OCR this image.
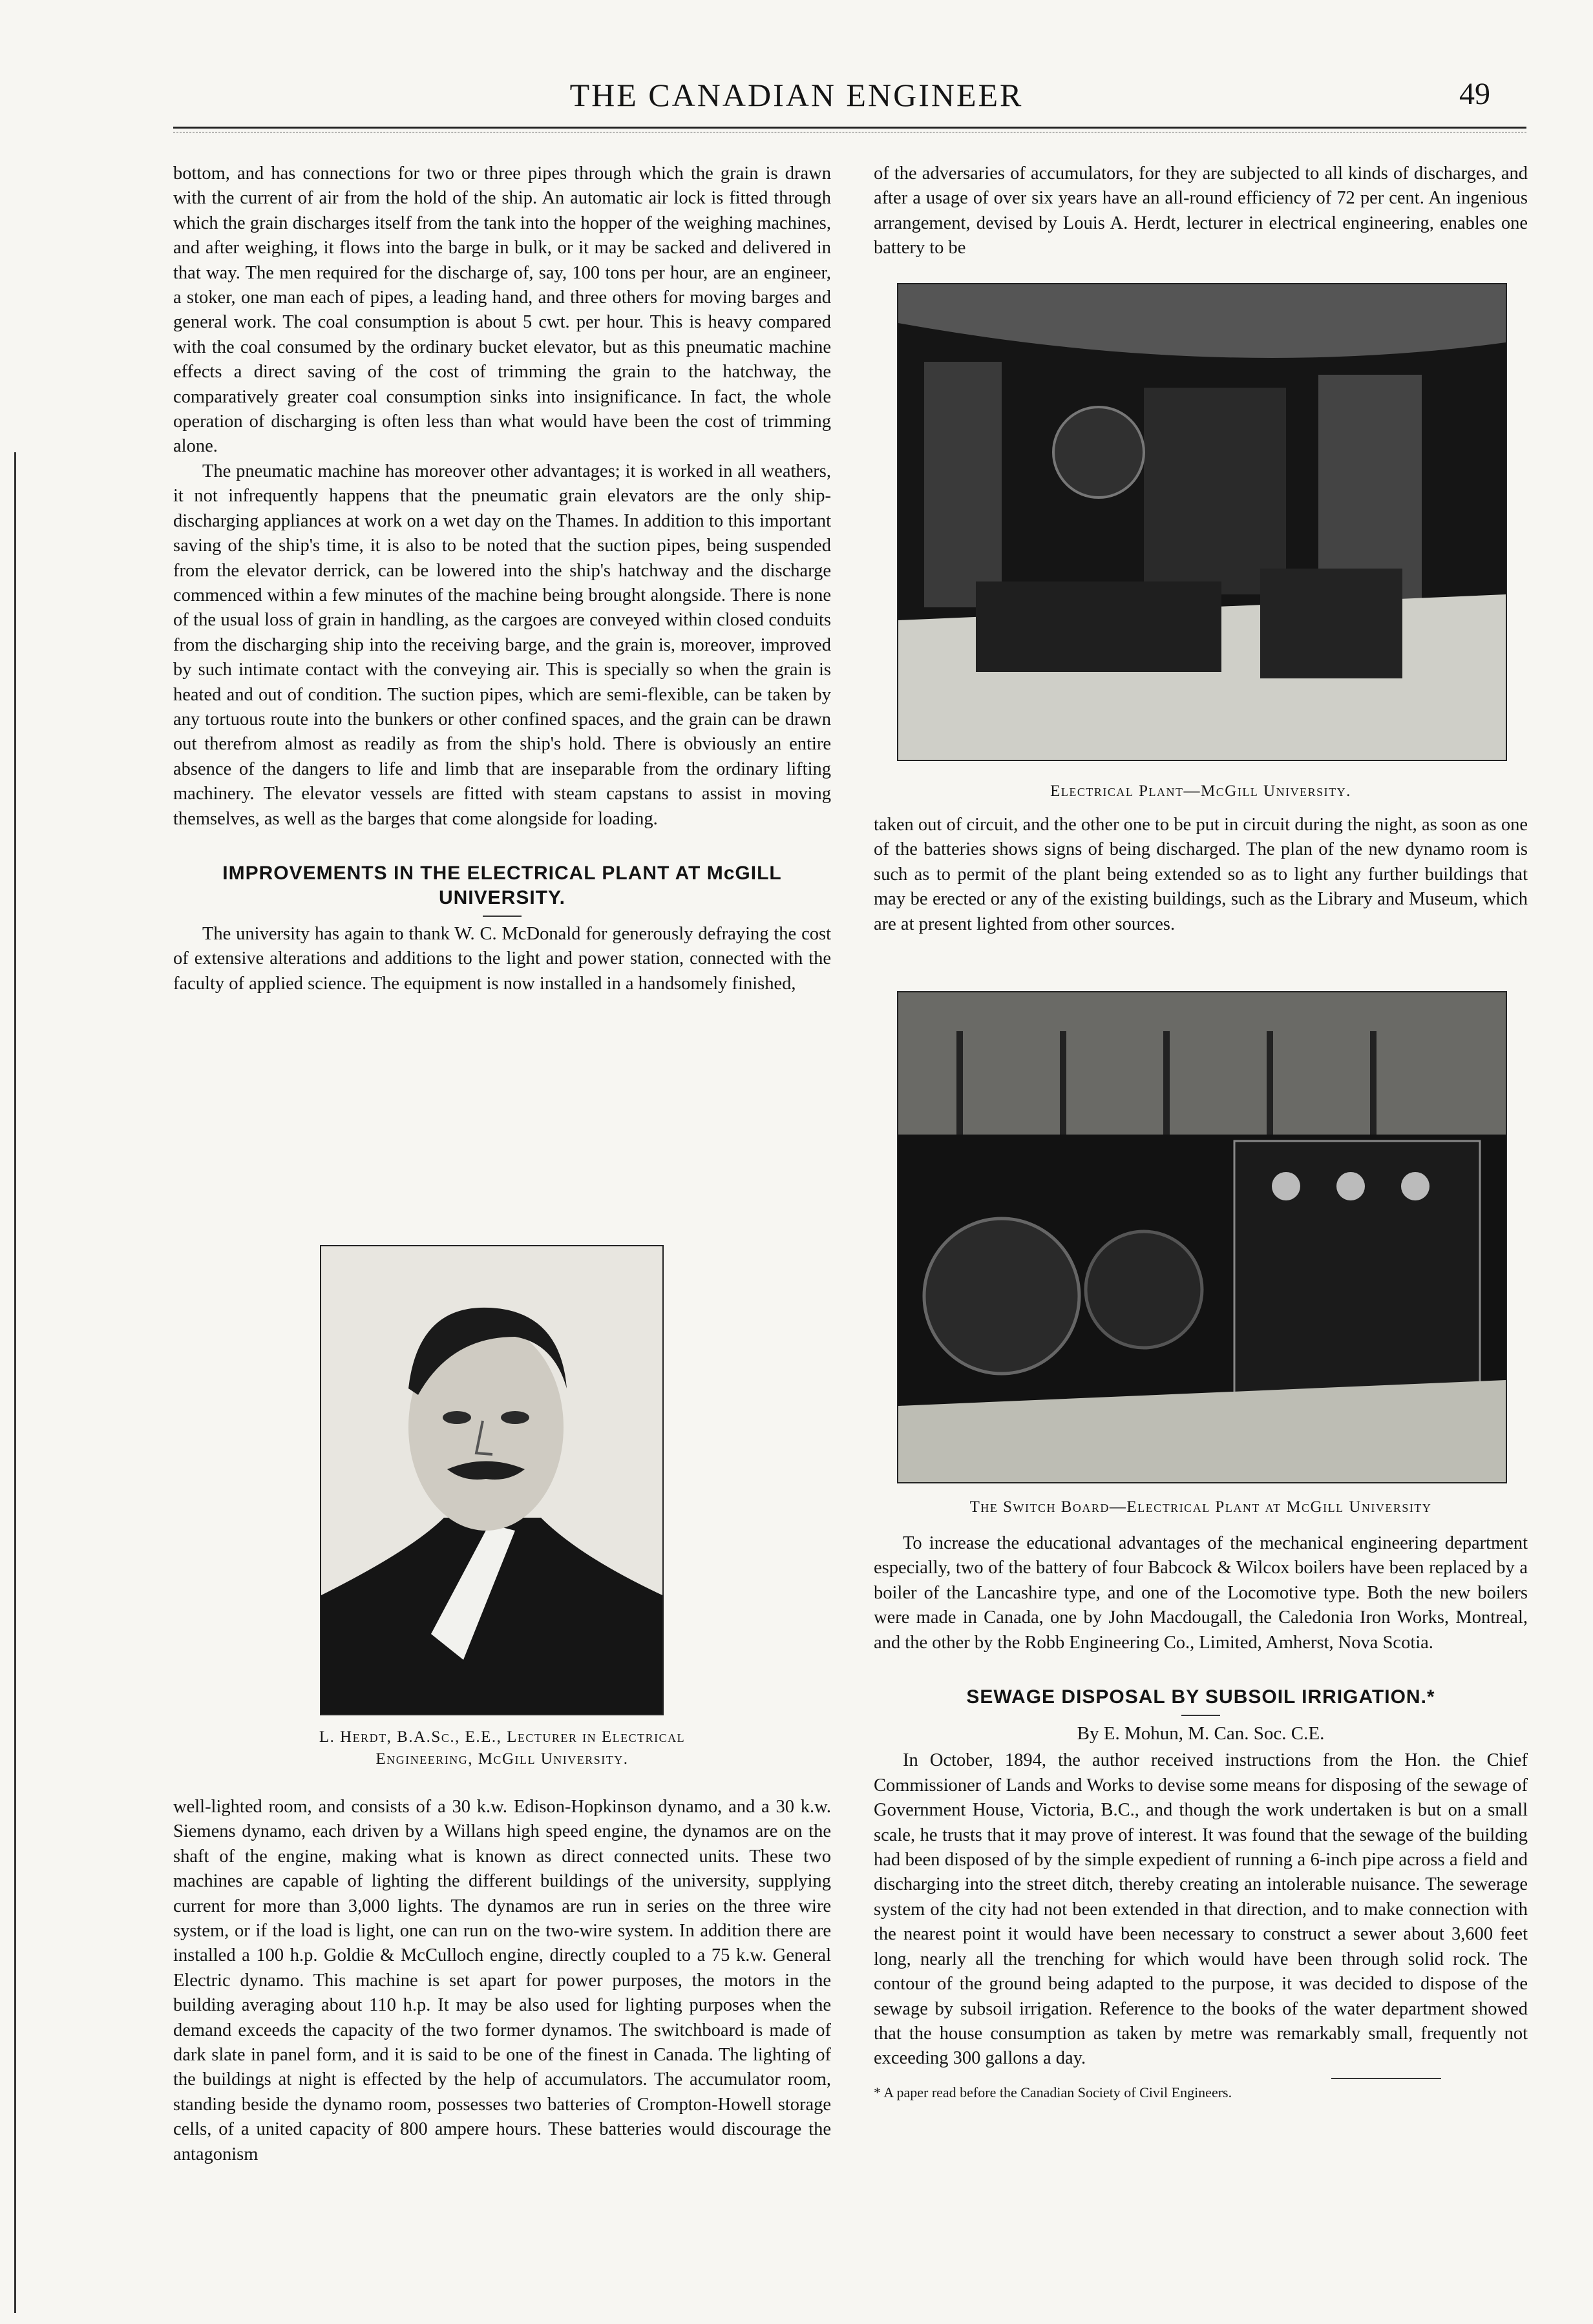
THE CANADIAN ENGINEER	49

bottom, and has connections for two or three pipes through which the grain is drawn with the current of air from the hold of the ship. An automatic air lock is fitted through which the grain discharges itself from the tank into the hopper of the weighing machines, and after weighing, it flows into the barge in bulk, or it may be sacked and delivered in that way. The men required for the discharge of, say, 100 tons per hour, are an engineer, a stoker, one man each of pipes, a leading hand, and three others for moving barges and general work. The coal consumption is about 5 cwt. per hour. This is heavy compared with the coal consumed by the ordinary bucket elevator, but as this pneumatic machine effects a direct saving of the cost of trimming the grain to the hatchway, the comparatively greater coal consumption sinks into insignificance. In fact, the whole operation of discharging is often less than what would have been the cost of trimming alone.

The pneumatic machine has moreover other advantages; it is worked in all weathers, it not infrequently happens that the pneumatic grain elevators are the only ship-discharging appliances at work on a wet day on the Thames. In addition to this important saving of the ship's time, it is also to be noted that the suction pipes, being suspended from the elevator derrick, can be lowered into the ship's hatchway and the discharge commenced within a few minutes of the machine being brought alongside. There is none of the usual loss of grain in handling, as the cargoes are conveyed within closed conduits from the discharging ship into the receiving barge, and the grain is, moreover, improved by such intimate contact with the conveying air. This is specially so when the grain is heated and out of condition. The suction pipes, which are semi-flexible, can be taken by any tortuous route into the bunkers or other confined spaces, and the grain can be drawn out therefrom almost as readily as from the ship's hold. There is obviously an entire absence of the dangers to life and limb that are inseparable from the ordinary lifting machinery. The elevator vessels are fitted with steam capstans to assist in moving themselves, as well as the barges that come alongside for loading.

IMPROVEMENTS IN THE ELECTRICAL PLANT AT McGILL UNIVERSITY.

The university has again to thank W. C. McDonald for generously defraying the cost of extensive alterations and additions to the light and power station, connected with the faculty of applied science. The equipment is now installed in a handsomely finished,

L. Herdt, B.A.Sc., E.E., Lecturer in Electrical
Engineering, McGill University.

well-lighted room, and consists of a 30 k.w. Edison-Hopkinson dynamo, and a 30 k.w. Siemens dynamo, each driven by a Willans high speed engine, the dynamos are on the shaft of the engine, making what is known as direct connected units. These two machines are capable of lighting the different buildings of the university, supplying current for more than 3,000 lights. The dynamos are run in series on the three wire system, or if the load is light, one can run on the two-wire system. In addition there are installed a 100 h.p. Goldie & McCulloch engine, directly coupled to a 75 k.w. General Electric dynamo. This machine is set apart for power purposes, the motors in the building averaging about 110 h.p. It may be also used for lighting purposes when the demand exceeds the capacity of the two former dynamos. The switchboard is made of dark slate in panel form, and it is said to be one of the finest in Canada. The lighting of the buildings at night is effected by the help of accumulators. The accumulator room, standing beside the dynamo room, possesses two batteries of Crompton-Howell storage cells, of a united capacity of 800 ampere hours. These batteries would discourage the antagonism

of the adversaries of accumulators, for they are subjected to all kinds of discharges, and after a usage of over six years have an all-round efficiency of 72 per cent. An ingenious arrangement, devised by Louis A. Herdt, lecturer in electrical engineering, enables one battery to be

Electrical Plant—McGill University.

taken out of circuit, and the other one to be put in circuit during the night, as soon as one of the batteries shows signs of being discharged. The plan of the new dynamo room is such as to permit of the plant being extended so as to light any further buildings that may be erected or any of the existing buildings, such as the Library and Museum, which are at present lighted from other sources.

The Switch Board—Electrical Plant at McGill University

To increase the educational advantages of the mechanical engineering department especially, two of the battery of four Babcock & Wilcox boilers have been replaced by a boiler of the Lancashire type, and one of the Locomotive type. Both the new boilers were made in Canada, one by John Macdougall, the Caledonia Iron Works, Montreal, and the other by the Robb Engineering Co., Limited, Amherst, Nova Scotia.

SEWAGE DISPOSAL BY SUBSOIL IRRIGATION.*
By E. Mohun, M. Can. Soc. C.E.

In October, 1894, the author received instructions from the Hon. the Chief Commissioner of Lands and Works to devise some means for disposing of the sewage of Government House, Victoria, B.C., and though the work undertaken is but on a small scale, he trusts that it may prove of interest. It was found that the sewage of the building had been disposed of by the simple expedient of running a 6-inch pipe across a field and discharging into the street ditch, thereby creating an intolerable nuisance. The sewerage system of the city had not been extended in that direction, and to make connection with the nearest point it would have been necessary to construct a sewer about 3,600 feet long, nearly all the trenching for which would have been through solid rock. The contour of the ground being adapted to the purpose, it was decided to dispose of the sewage by subsoil irrigation. Reference to the books of the water department showed that the house consumption as taken by metre was remarkably small, frequently not exceeding 300 gallons a day.

* A paper read before the Canadian Society of Civil Engineers.
